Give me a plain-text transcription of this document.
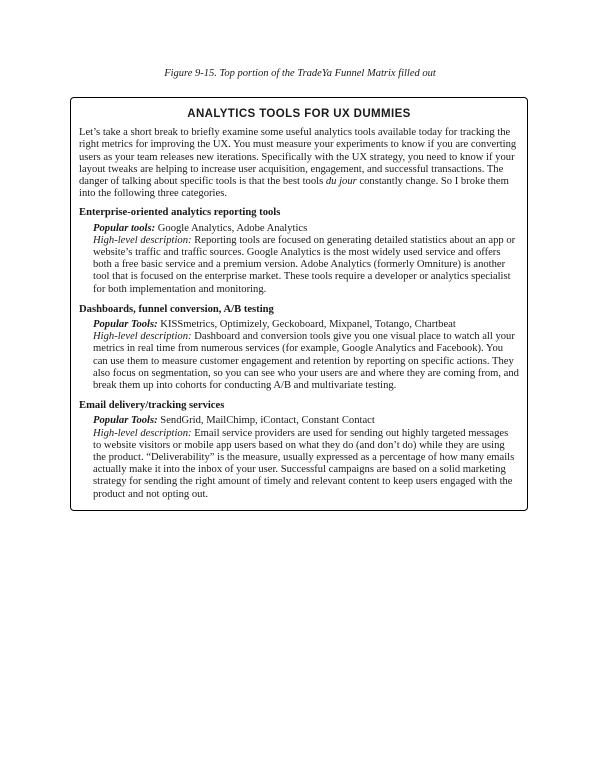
Figure 9-15. Top portion of the TradeYa Funnel Matrix filled out
ANALYTICS TOOLS FOR UX DUMMIES

Let’s take a short break to briefly examine some useful analytics tools available today for tracking the right metrics for improving the UX. You must measure your experiments to know if you are converting users as your team releases new iterations. Specifically with the UX strategy, you need to know if your layout tweaks are helping to increase user acquisition, engagement, and successful transactions. The danger of talking about specific tools is that the best tools du jour constantly change. So I broke them into the following three categories.

Enterprise-oriented analytics reporting tools

Popular tools: Google Analytics, Adobe Analytics

High-level description: Reporting tools are focused on generating detailed statistics about an app or website’s traffic and traffic sources. Google Analytics is the most widely used service and offers both a free basic service and a premium version. Adobe Analytics (formerly Omniture) is another tool that is focused on the enterprise market. These tools require a developer or analytics specialist for both implementation and monitoring.

Dashboards, funnel conversion, A/B testing

Popular Tools: KISSmetrics, Optimizely, Geckoboard, Mixpanel, Totango, Chartbeat

High-level description: Dashboard and conversion tools give you one visual place to watch all your metrics in real time from numerous services (for example, Google Analytics and Facebook). You can use them to measure customer engagement and retention by reporting on specific actions. They also focus on segmentation, so you can see who your users are and where they are coming from, and break them up into cohorts for conducting A/B and multivariate testing.

Email delivery/tracking services

Popular Tools: SendGrid, MailChimp, iContact, Constant Contact

High-level description: Email service providers are used for sending out highly targeted messages to website visitors or mobile app users based on what they do (and don’t do) while they are using the product. “Deliverability” is the measure, usually expressed as a percentage of how many emails actually make it into the inbox of your user. Successful campaigns are based on a solid marketing strategy for sending the right amount of timely and relevant content to keep users engaged with the product and not opting out.
